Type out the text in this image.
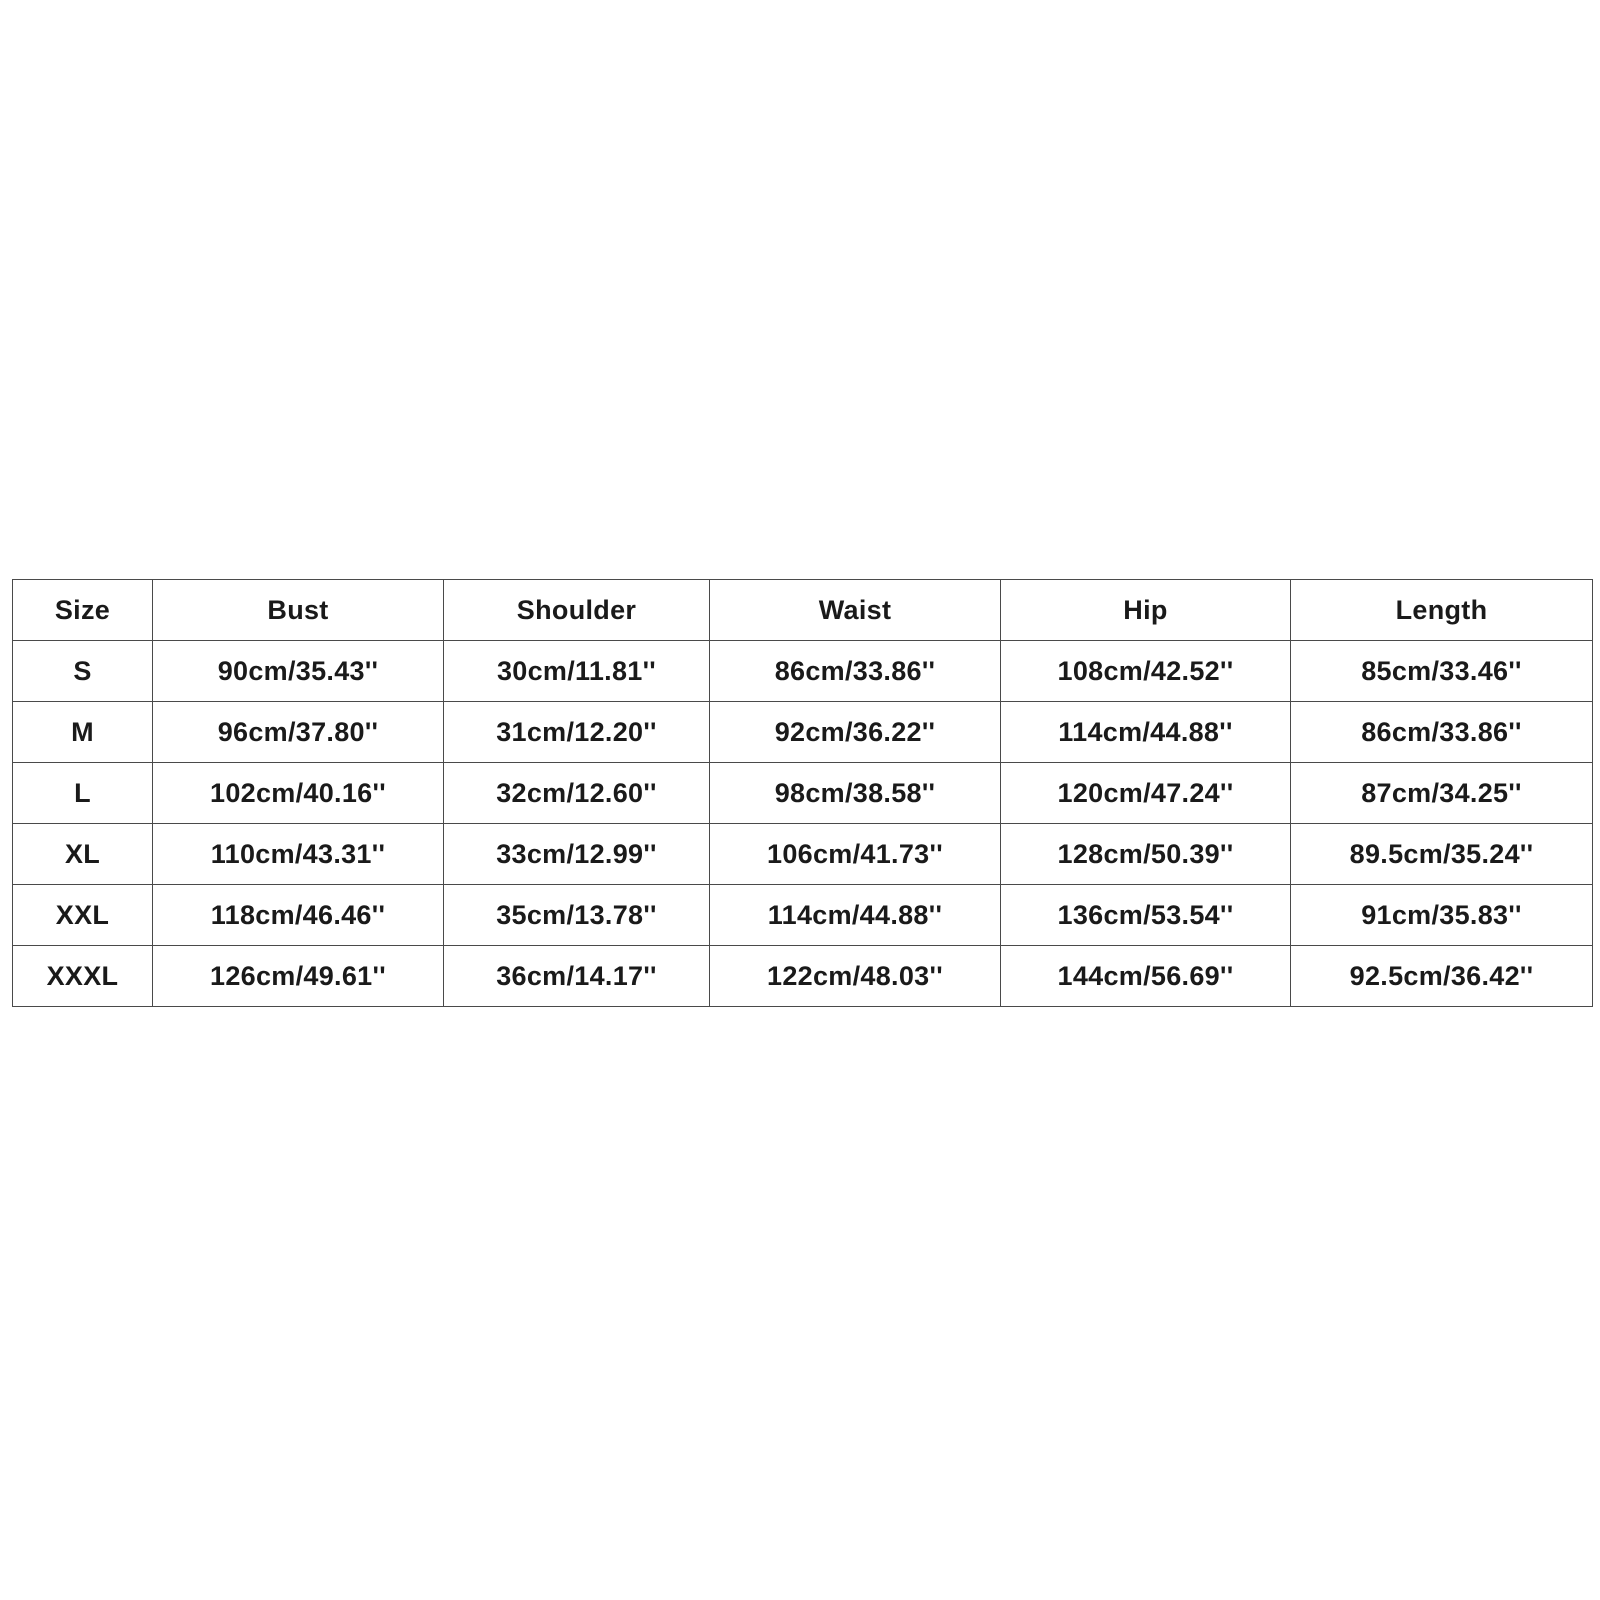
Size	Bust	Shoulder	Waist	Hip	Length
S	90cm/35.43''	30cm/11.81''	86cm/33.86''	108cm/42.52''	85cm/33.46''
M	96cm/37.80''	31cm/12.20''	92cm/36.22''	114cm/44.88''	86cm/33.86''
L	102cm/40.16''	32cm/12.60''	98cm/38.58''	120cm/47.24''	87cm/34.25''
XL	110cm/43.31''	33cm/12.99''	106cm/41.73''	128cm/50.39''	89.5cm/35.24''
XXL	118cm/46.46''	35cm/13.78''	114cm/44.88''	136cm/53.54''	91cm/35.83''
XXXL	126cm/49.61''	36cm/14.17''	122cm/48.03''	144cm/56.69''	92.5cm/36.42''
